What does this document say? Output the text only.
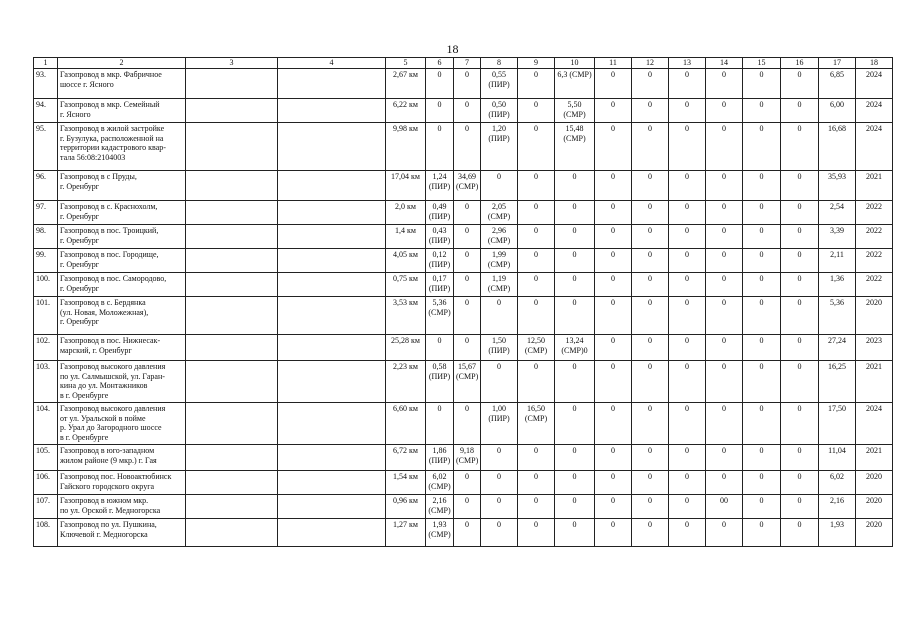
18
1	2	3	4	5	6	7	8	9	10	11	12	13	14	15	16	17	18

93.	Газопровод в мкр. Фабричное
шоссе г. Ясного			2,67 км	0	0	0,55
(ПИР)	0	6,3 (СМР)	0	0	0	0	0	0	6,85	2024

94.	Газопровод в мкр. Семейный
г. Ясного			6,22 км	0	0	0,50
(ПИР)	0	5,50
(СМР)	0	0	0	0	0	0	6,00	2024

95.	Газопровод в жилой застройке
г. Бузулука, расположенной на
территории кадастрового квар-
тала 56:08:2104003			9,98 км	0	0	1,20
(ПИР)	0	15,48
(СМР)	0	0	0	0	0	0	16,68	2024

96.	Газопровод в с Пруды,
г. Оренбург			17,04 км	1,24
(ПИР)	34,69
(СМР)	0	0	0	0	0	0	0	0	0	35,93	2021

97.	Газопровод в с. Краснохолм,
г. Оренбург			2,0 км	0,49
(ПИР)	0	2,05
(СМР)	0	0	0	0	0	0	0	0	2,54	2022

98.	Газопровод в пос. Троицкий,
г. Оренбург			1,4 км	0,43
(ПИР)	0	2,96
(СМР)	0	0	0	0	0	0	0	0	3,39	2022

99.	Газопровод в пос. Городище,
г. Оренбург			4,05 км	0,12
(ПИР)	0	1,99
(СМР)	0	0	0	0	0	0	0	0	2,11	2022

100.	Газопровод в пос. Самородово,
г. Оренбург			0,75 км	0,17
(ПИР)	0	1,19
(СМР)	0	0	0	0	0	0	0	0	1,36	2022

101.	Газопровод в с. Бердянка
(ул. Новая, Моложежная),
г. Оренбург			3,53 км	5,36
(СМР)	0	0	0	0	0	0	0	0	0	0	5,36	2020

102.	Газопровод в пос. Нижнесак-
марский, г. Оренбург			25,28 км	0	0	1,50
(ПИР)	12,50
(СМР)	13,24
(СМР)0	0	0	0	0	0	0	27,24	2023

103.	Газопровод высокого давления
по ул. Салмышской, ул. Гаран-
кина до ул. Монтажников
в г. Оренбурге			2,23 км	0,58
(ПИР)	15,67
(СМР)	0	0	0	0	0	0	0	0	0	16,25	2021

104.	Газопровод высокого давления
от ул. Уральской в пойме
р. Урал до Загородного шоссе
в г. Оренбурге			6,60 км	0	0	1,00
(ПИР)	16,50
(СМР)	0	0	0	0	0	0	0	17,50	2024

105.	Газопровод в юго-западном
жилом районе (9 мкр.) г. Гая			6,72 км	1,86
(ПИР)	9,18
(СМР)	0	0	0	0	0	0	0	0	0	11,04	2021

106.	Газопровод пос. Новоактюбинск
Гайского городского округа			1,54 км	6,02
(СМР)	0	0	0	0	0	0	0	0	0	0	6,02	2020

107.	Газопровод в южном мкр.
по ул. Орской г. Медногорска			0,96 км	2,16
(СМР)	0	0	0	0	0	0	0	00	0	0	2,16	2020

108.	Газопровод по ул. Пушкина,
Ключевой г. Медногорска			1,27 км	1,93
(СМР)	0	0	0	0	0	0	0	0	0	0	1,93	2020
